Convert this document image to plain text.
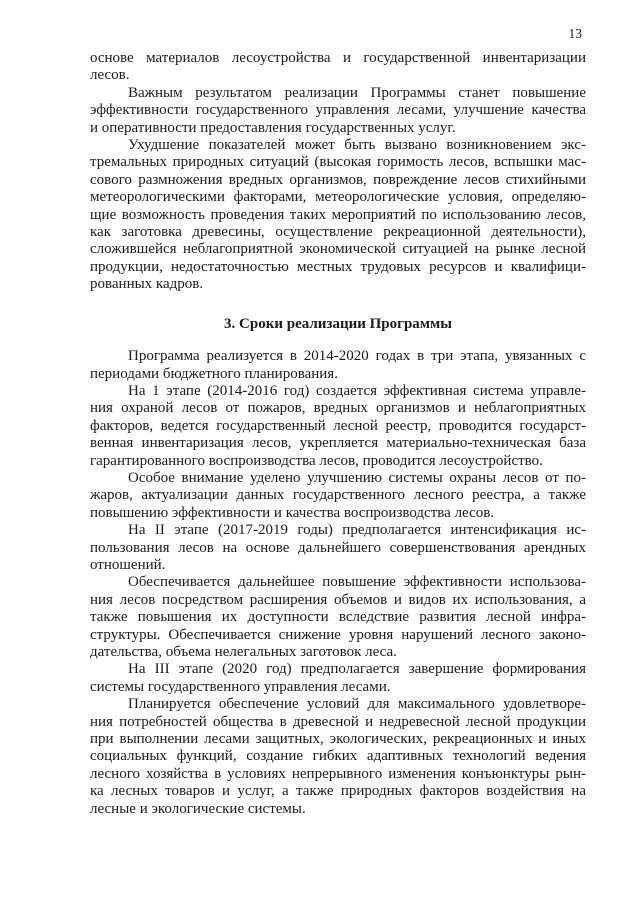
13
основе материалов лесоустройства и государственной инвентаризации
лесов.
Важным результатом реализации Программы станет повышение
эффективности государственного управления лесами, улучшение качества
и оперативности предоставления государственных услуг.
Ухудшение показателей может быть вызвано возникновением экс-
тремальных природных ситуаций (высокая горимость лесов, вспышки мас-
сового размножения вредных организмов, повреждение лесов стихийными
метеорологическими факторами, метеорологические условия, определяю-
щие возможность проведения таких мероприятий по использованию лесов,
как заготовка древесины, осуществление рекреационной деятельности),
сложившейся неблагоприятной экономической ситуацией на рынке лесной
продукции, недостаточностью местных трудовых ресурсов и квалифици-
рованных кадров.
3. Сроки реализации Программы
Программа реализуется в 2014-2020 годах в три этапа, увязанных с
периодами бюджетного планирования.
На 1 этапе (2014-2016 год) создается эффективная система управле-
ния охраной лесов от пожаров, вредных организмов и неблагоприятных
факторов, ведется государственный лесной реестр, проводится государст-
венная инвентаризация лесов, укрепляется материально-техническая база
гарантированного воспроизводства лесов, проводится лесоустройство.
Особое внимание уделено улучшению системы охраны лесов от по-
жаров, актуализации данных государственного лесного реестра, а также
повышению эффективности и качества воспроизводства лесов.
На II этапе (2017-2019 годы) предполагается интенсификация ис-
пользования лесов на основе дальнейшего совершенствования арендных
отношений.
Обеспечивается дальнейшее повышение эффективности использова-
ния лесов посредством расширения объемов и видов их использования, а
также повышения их доступности вследствие развития лесной инфра-
структуры. Обеспечивается снижение уровня нарушений лесного законо-
дательства, объема нелегальных заготовок леса.
На III этапе (2020 год) предполагается завершение формирования
системы государственного управления лесами.
Планируется обеспечение условий для максимального удовлетворе-
ния потребностей общества в древесной и недревесной лесной продукции
при выполнении лесами защитных, экологических, рекреационных и иных
социальных функций, создание гибких адаптивных технологий ведения
лесного хозяйства в условиях непрерывного изменения конъюнктуры рын-
ка лесных товаров и услуг, а также природных факторов воздействия на
лесные и экологические системы.
